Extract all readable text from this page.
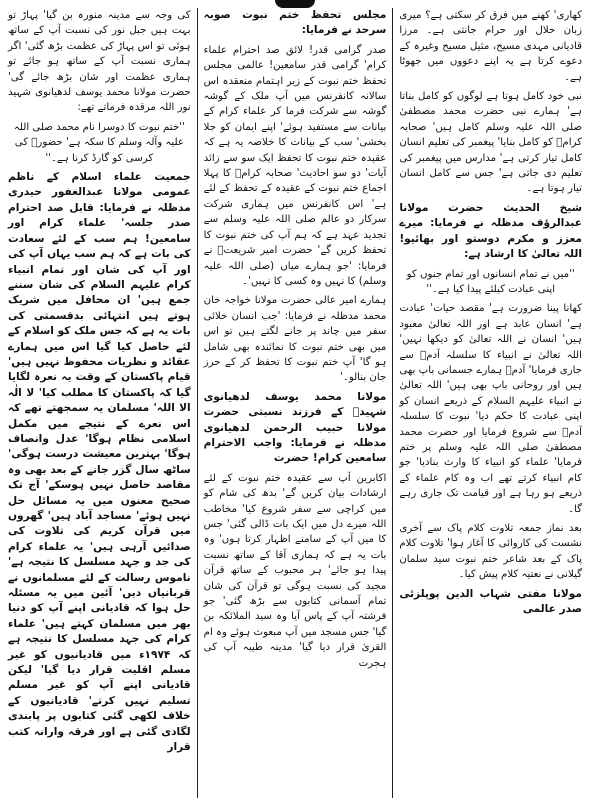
کھاری' کھنے میں فرق کر سکتی ہے؟ میری زبان حلال اور حرام جانتی ہے۔ مرزا قادیانی مہدی مسیح، مثیل مسیح وغیرہ کے دعوے کرتا ہے یہ اپنے دعووں میں جھوٹا ہے۔

نبی خود کامل ہوتا ہے لوگوں کو کامل بناتا ہے' ہمارے نبی حضرت محمد مصطفیٰ صلی اللہ علیہ وسلم کامل ہیں' صحابہ کرامؓ کو کامل بنایا' پیغمبر کی تعلیم انسان کامل تیار کرتی ہے' مدارس میں پیغمبر کی تعلیم دی جاتی ہے' جس سے کامل انسان تیار ہوتا ہے۔

شیخ الحدیث حضرت مولانا عبدالرؤف مدظلہ نے فرمایا: میرے معزز و مکرم دوستو اور بھائیو! اللہ تعالیٰ کا ارشاد ہے:

''میں نے تمام انسانوں اور تمام جنوں کو اپنی عبادت کیلئے پیدا کیا ہے۔''

کھانا پینا ضرورت ہے' مقصد حیات' عبادت ہے' انسان عابد ہے اور اللہ تعالیٰ معبود ہیں' انسان نے اللہ تعالیٰ کو دیکھا نہیں' اللہ تعالیٰ نے انبیاء کا سلسلہ آدمؑ سے جاری فرمایا' آدمؑ ہمارے جسمانی باپ بھی ہیں اور روحانی باپ بھی ہیں' اللہ تعالیٰ نے انبیاء علیہم السلام کے ذریعے انسان کو اپنی عبادت کا حکم دیا' نبوت کا سلسلہ آدمؑ سے شروع فرمایا اور حضرت محمد مصطفیٰ صلی اللہ علیہ وسلم پر ختم فرمایا' علماء کو انبیاء کا وارث بنادیا' جو کام انبیاء کرتے تھے اب وہ کام علماء کے ذریعے ہو رہا ہے اور قیامت تک جاری رہے گا۔

بعد نماز جمعہ تلاوت کلام پاک سے آخری نشست کی کاروائی کا آغاز ہوا' تلاوت کلام پاک کے بعد شاعر ختم نبوت سید سلمان گیلانی نے نعتیہ کلام پیش کیا۔

مولانا مفتی شہاب الدین پوپلزئی صدر عالمی

مجلس تحفظ ختم نبوت صوبہ سرحد نے فرمایا:

صدر گرامی قدر! لائق صد احترام علماء کرام' گرامی قدر سامعین! عالمی مجلس تحفظ ختم نبوت کے زیر اہتمام منعقدہ اس سالانہ کانفرنس میں آپ ملک کے گوشہ گوشہ سے شرکت فرما کر علماء کرام کے بیانات سے مستفید ہوئے' اپنے ایمان کو جلا بخشی' سب کے بیانات کا خلاصہ یہ ہے کہ عقیدہ ختم نبوت کا تحفظ ایک سو سے زائد آیات' دو سو احادیث' صحابہ کرامؓ کا پہلا اجماع ختم نبوت کے عقیدہ کے تحفظ کے لئے ہے' اس کانفرنس میں ہماری شرکت سرکار دو عالم صلی اللہ علیہ وسلم سے تجدید عہد ہے کہ ہم آپ کی ختم نبوت کا تحفظ کریں گے' حضرت امیر شریعتؒ نے فرمایا: 'جو ہمارے میاں (صلی اللہ علیہ وسلم) کا نہیں وہ کسی کا نہیں'۔

ہمارے امیر عالی حضرت مولانا خواجہ خان محمد مدظلہ نے فرمایا: 'جب انسان خلائی سفر میں چاند پر جانے لگتے ہیں تو اس میں بھی ختم نبوت کا نمائندہ بھی شامل ہو گا' آپ ختم نبوت کا تحفظ کر کے حرز جان بنالو۔'

مولانا محمد یوسف لدھیانوی شہیدؒ کے فرزند نسبتی حضرت مولانا حبیب الرحمن لدھیانوی مدظلہ نے فرمایا: واجب الاحترام سامعین کرام! حضرت

اکابرین آپ سے عقیدہ ختم نبوت کے لئے ارشادات بیان کریں گے' بدھ کی شام کو میں کراچی سے سفر شروع کیا' مخاطب اللہ میرے دل میں ایک بات ڈالی گئی' جس کا میں آپ کے سامنے اظہار کرتا ہوں' وہ بات یہ ہے کہ ہماری آقا کے ساتھ نسبت پیدا ہو جائے' ہر محبوب کے ساتھ قرآن مجید کی نسبت ہوگی تو قرآن کی شان تمام آسمانی کتابوں سے بڑھ گئی' جو فرشتہ آپ کے پاس آیا وہ سید الملائکہ بن گیا' جس مسجد میں آپ مبعوث ہوئے وہ ام القریٰ قرار دیا گیا' مدینہ طیبہ آپ کی ہجرت

کی وجہ سے مدینہ منورہ بن گیا' پہاڑ تو بہت ہیں جبل نور کی نسبت آپ کے ساتھ ہوئی تو اس پہاڑ کی عظمت بڑھ گئی' اگر ہماری نسبت آپ کے ساتھ ہو جائے تو ہماری عظمت اور شان بڑھ جائے گی' حضرت مولانا محمد یوسف لدھیانوی شہید نور اللہ مرقدہ فرماتے تھے:

''ختم نبوت کا دوسرا نام محمد صلی اللہ علیہ وآلہ وسلم کا سکہ ہے' حضورؐ کی کرسی کو گارڈ کرنا ہے۔''

جمعیت علماء اسلام کے ناظم عمومی مولانا عبدالغفور حیدری مدظلہ نے فرمایا: قابل صد احترام صدر جلسہ' علماء کرام اور سامعین! ہم سب کے لئے سعادت کی بات ہے کہ ہم سب یہاں آپ کی اور آپ کی شان اور تمام انبیاء کرام علیہم السلام کی شان سننے جمع ہیں' ان محافل میں شریک ہوتے ہیں انتہائی بدقسمتی کی بات یہ ہے کہ جس ملک کو اسلام کے لئے حاصل کیا گیا اس میں ہمارے عقائد و نظریات محفوظ نہیں ہیں' قیام پاکستان کے وقت یہ نعرہ لگایا گیا کہ پاکستان کا مطلب کیا' لا الٰہ الا اللہ' مسلمان یہ سمجھتے تھے کہ اس نعرے کے نتیجے میں مکمل اسلامی نظام ہوگا' عدل وانصاف ہوگا' بہترین معیشت درست ہوگی' ساٹھ سال گزر جانے کے بعد بھی وہ مقاصد حاصل نہیں ہوسکے' آج تک صحیح معنوں میں یہ مسائل حل نہیں ہوئے' مساجد آباد ہیں' گھروں میں قرآن کریم کی تلاوت کی صدائیں آرہی ہیں' یہ علماء کرام کی جد و جہد مسلسل کا نتیجہ ہے' ناموس رسالت کے لئے مسلمانوں نے قربانیاں دیں' آئین میں یہ مسئلہ حل ہوا کہ قادیانی اپنے آپ کو دنیا بھر میں مسلمان کہتے ہیں' علماء کرام کی جہد مسلسل کا نتیجہ ہے کہ ۱۹۷۴ء میں قادیانیوں کو غیر مسلم اقلیت قرار دیا گیا' لیکن قادیانی اپنے آپ کو غیر مسلم تسلیم نہیں کرتے' قادیانیوں کے خلاف لکھی گئی کتابوں پر پابندی لگادی گئی ہے اور فرقہ وارانہ کتب قرار
